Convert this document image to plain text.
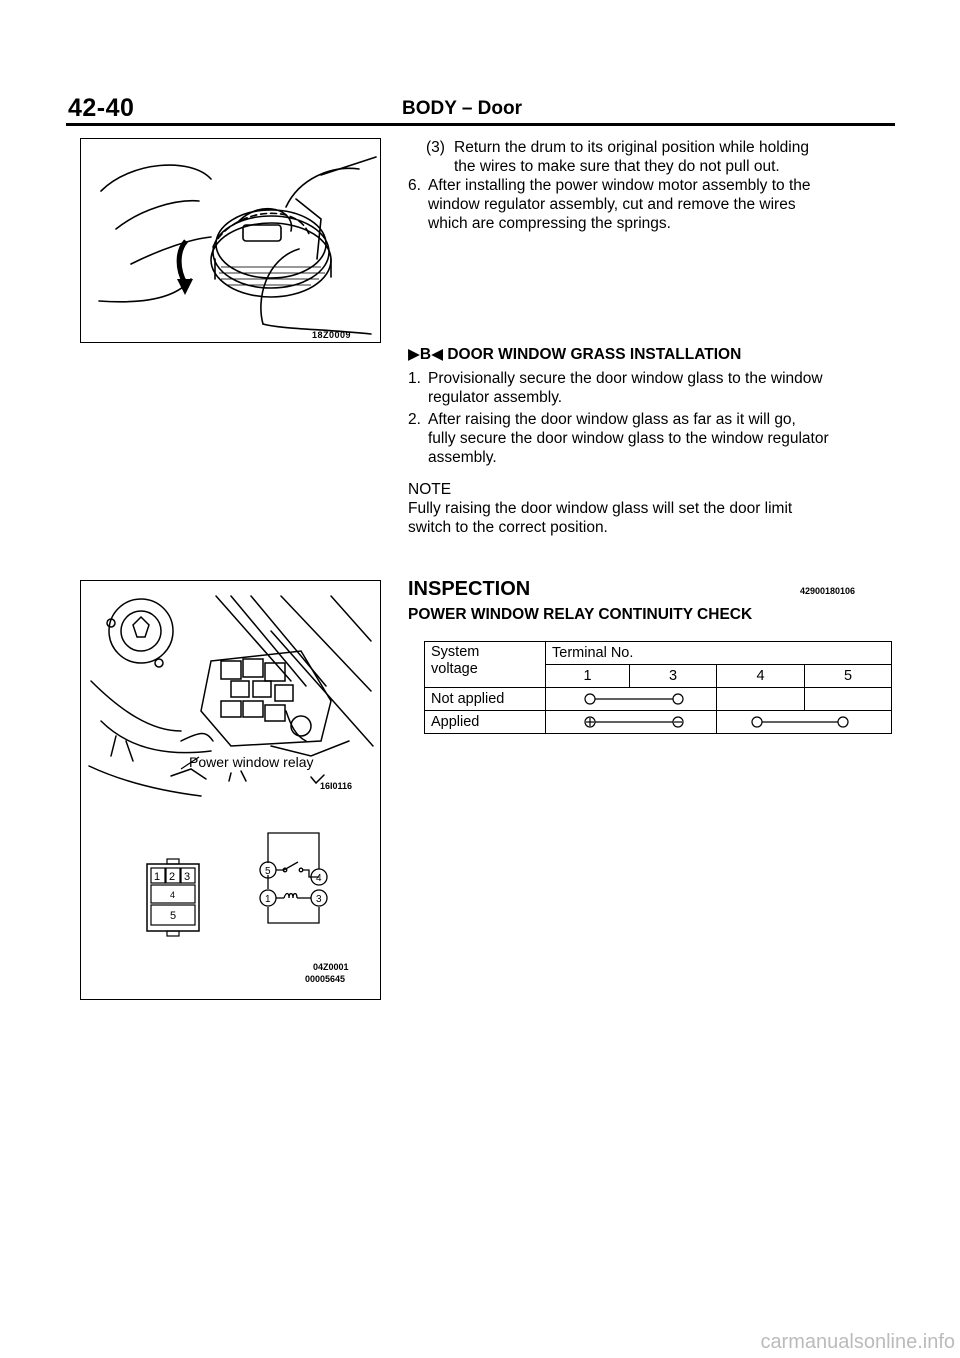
42-40	BODY – Door
18Z0009
Power window relay
16I0116
1 2 3
4
5
5
4
1	3
04Z0001
00005645
(3) Return the drum to its original position while holding
the wires to make sure that they do not pull out.
6. After installing the power window motor assembly to the
window regulator assembly, cut and remove the wires
which are compressing the springs.
▶B◀ DOOR WINDOW GRASS INSTALLATION
1. Provisionally secure the door window glass to the window
regulator assembly.
2. After raising the door window glass as far as it will go,
fully secure the door window glass to the window regulator
assembly.
NOTE
Fully raising the door window glass will set the door limit
switch to the correct position.
INSPECTION	42900180106
POWER WINDOW RELAY CONTINUITY CHECK
System
voltage	Terminal No.			
	1	3	4	5
Not applied	

Applied	

carmanualsonline.info
